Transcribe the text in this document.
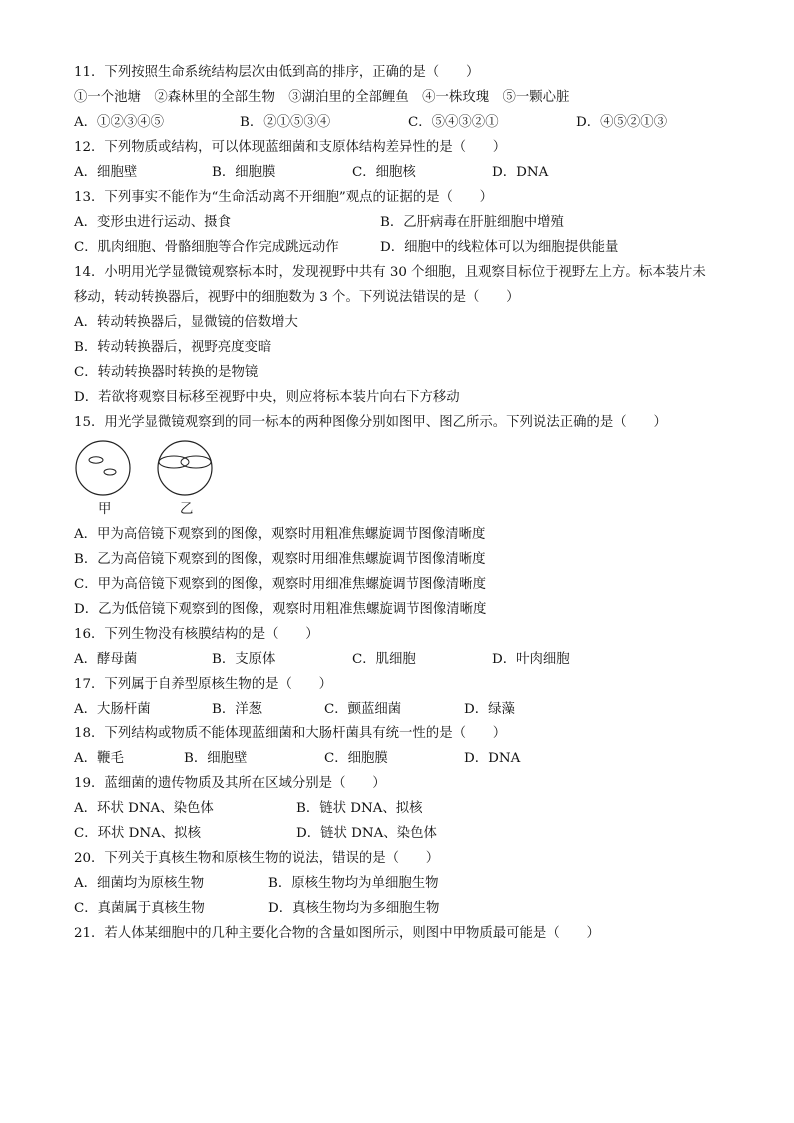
11．下列按照生命系统结构层次由低到高的排序，正确的是（　　）
①一个池塘　②森林里的全部生物　③湖泊里的全部鲤鱼　④一株玫瑰　⑤一颗心脏
A．①②③④⑤	B．②①⑤③④	C．⑤④③②①	D．④⑤②①③
12．下列物质或结构，可以体现蓝细菌和支原体结构差异性的是（　　）
A．细胞壁	B．细胞膜	C．细胞核	D．DNA
13．下列事实不能作为“生命活动离不开细胞”观点的证据的是（　　）
A．变形虫进行运动、摄食	B．乙肝病毒在肝脏细胞中增殖
C．肌肉细胞、骨骼细胞等合作完成跳远动作	D．细胞中的线粒体可以为细胞提供能量
14．小明用光学显微镜观察标本时，发现视野中共有 30 个细胞，且观察目标位于视野左上方。标本装片未
移动，转动转换器后，视野中的细胞数为 3 个。下列说法错误的是（　　）
A．转动转换器后，显微镜的倍数增大
B．转动转换器后，视野亮度变暗
C．转动转换器时转换的是物镜
D．若欲将观察目标移至视野中央，则应将标本装片向右下方移动
15．用光学显微镜观察到的同一标本的两种图像分别如图甲、图乙所示。下列说法正确的是（　　）
甲	乙
A．甲为高倍镜下观察到的图像，观察时用粗准焦螺旋调节图像清晰度
B．乙为高倍镜下观察到的图像，观察时用细准焦螺旋调节图像清晰度
C．甲为高倍镜下观察到的图像，观察时用细准焦螺旋调节图像清晰度
D．乙为低倍镜下观察到的图像，观察时用粗准焦螺旋调节图像清晰度
16．下列生物没有核膜结构的是（　　）
A．酵母菌	B．支原体	C．肌细胞	D．叶肉细胞
17．下列属于自养型原核生物的是（　　）
A．大肠杆菌	B．洋葱	C．颤蓝细菌	D．绿藻
18．下列结构或物质不能体现蓝细菌和大肠杆菌具有统一性的是（　　）
A．鞭毛	B．细胞壁	C．细胞膜	D．DNA
19．蓝细菌的遗传物质及其所在区域分别是（　　）
A．环状 DNA、染色体	B．链状 DNA、拟核
C．环状 DNA、拟核	D．链状 DNA、染色体
20．下列关于真核生物和原核生物的说法，错误的是（　　）
A．细菌均为原核生物	B．原核生物均为单细胞生物
C．真菌属于真核生物	D．真核生物均为多细胞生物
21．若人体某细胞中的几种主要化合物的含量如图所示，则图中甲物质最可能是（　　）
